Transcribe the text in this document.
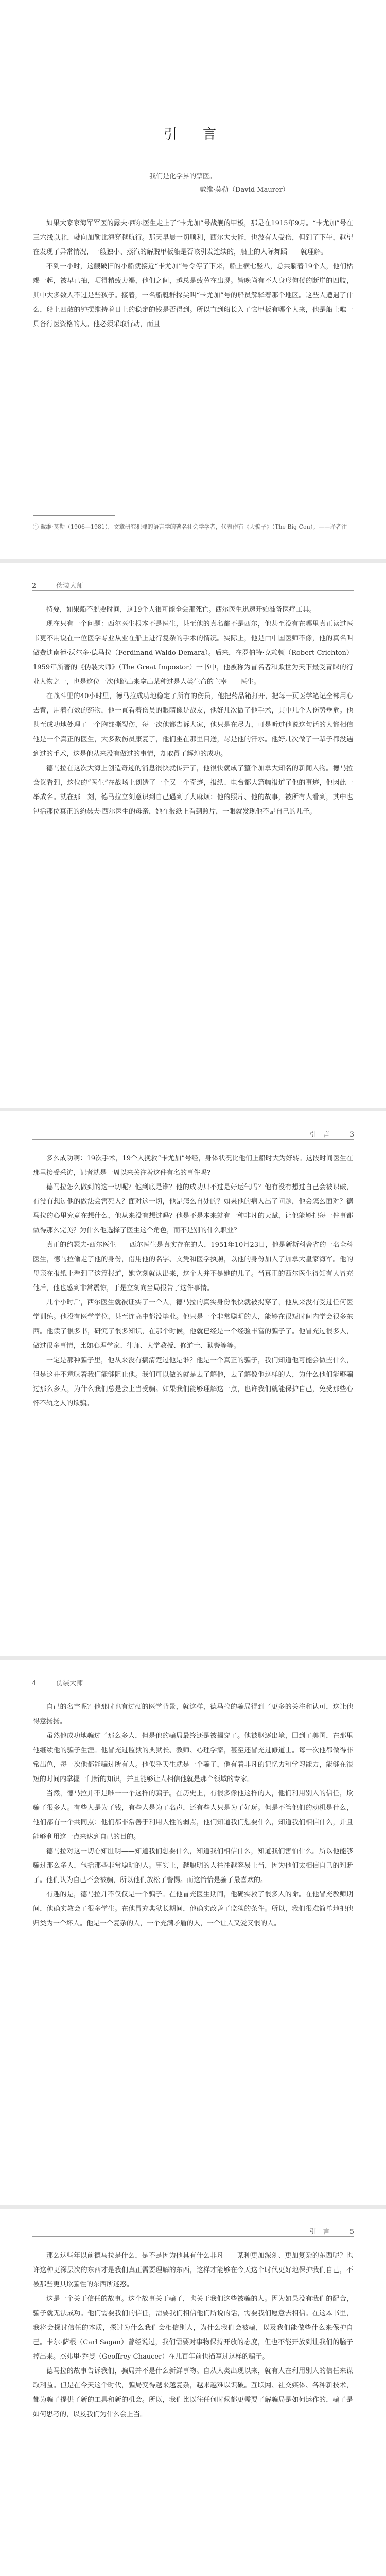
引　言
我们是化学界的禁医。
——戴维·莫勒（David Maurer）

如果大家家海军军医的露夫·西尔医生走上了“卡尤加”号战舰的甲板，那是在1915年9月。“卡尤加”号在三六线以北，驶向加勒比海穿越航行。那天早晨一切顺利，西尔大夫能，也没有人受伤，但到了下午，越望在发现了异常情况，一艘独小、蒸汽的解脱甲板船是否该引发连续的，船上的人际舞蹈——就理解。

不到一小时，这艘破旧的小船就接近“卡尤加”号令停了下来，船上横七竖八，总共躺着19个人，他们枯竭一起，被早已抽，晒得精疲力竭，他们之间，越总是疲劳在出现。皆晚尚有不人身形佝偻的断崖的四肢，其中大多数人不过是些孩子。接着，一名船艇群探尖叫“卡尤加”号的船员解释着那个地区。这些人遭遇了什么，船上四散的钟摆维持着日上的稳定的钱是否得到。所以直到船长入了它甲板有哪个人来，他是船上唯一具备行医资格的人。他必须采取行动，而且

① 戴维·莫勒（1906—1981），文章研究犯罪的语言学的著名社会学学者，代表作有《大骗子》（The Big Con）。——译者注

2　｜　伪装大师

特要，如果船不脱要时间，这19个人很可能全会那死亡。西尔医生迅速开始准备医疗工具。

现在只有一个问题：西尔医生根本不是医生，甚至他的真名都不是西尔，他甚至没有在哪里真正读过医书更不用说在一位医学专业从业在船上进行复杂的手术的情况。实际上，他是由中国医师不像，他的真名叫做费迪南德·沃尔多·德马拉（Ferdinand Waldo Demara）。后来，在罗伯特·克赖顿（Robert Crichton）1959年所著的《伪装大师》（The Great Impostor）一书中，他被称为冒名者和欺世为天下最受青睐的行业人物之一，也是这位一次他跳出来拿出某种过是人类生命的主宰——医生。

在战斗里的40小时里，德马拉成功地稳定了所有的伤员，他把药品箱打开，把每一页医学笔记全部用心去背，用着有效的药物，他一直看着伤员的眼睛像是战友，他好几次做了他手术，其中几个人伤势垂危。他甚至成功地处理了一个胸部撕裂伤，每一次他都告诉大家，他只是在尽力，可是听过他说这句话的人都相信他是一个真正的医生，大多数伤员康复了，他们坐在那里目送，尽是他的汗水。他好几次做了一辈子都没遇到过的手术，这是他从来没有做过的事情，却取得了辉煌的成功。

德马拉在这次大海上创造奇迹的消息很快就传开了，他很快就成了整个加拿大知名的新闻人物。德马拉会议看到，这位的“医生”在战场上创造了一个又一个奇迹，报纸、电台都大篇幅报道了他的事迹，他因此一举成名。就在那一刻，德马拉立刻意识到自己遇到了大麻烦：他的照片、他的故事，被所有人看到，其中也包括那位真正的约瑟夫·西尔医生的母亲，她在报纸上看到照片，一眼就发现他不是自己的儿子。

引　言　｜　3

多么成功啊：19次手术，19个人挽救“卡尤加”号经，身体状况比他们上船时大为好转。这段时间医生在那里接受采访，记者就是一周以来关注着这件有名的事件吗?

德马拉怎么做到的这一切呢？他到底是谁？他的成功只不过是好运气吗？他有没有想过自己会被识破，有没有想过他的做法会害死人？面对这一切，他是怎么自处的？如果他的病人出了问题，他会怎么面对？德马拉的心里究竟在想什么，他从来没有想过吗？他是不是本来就有一种非凡的天赋，让他能够把每一件事都做得那么完美？为什么他选择了医生这个角色，而不是别的什么职业？

真正的约瑟夫·西尔医生——西尔医生是真实存在的人，1951年10月23日，他是新斯科舍省的一名全科医生，德马拉偷走了他的身份，借用他的名字、文凭和医学执照，以他的身份加入了加拿大皇家海军。他的母亲在报纸上看到了这篇报道，她立刻就认出来，这个人并不是她的儿子。当真正的西尔医生得知有人冒充他后，他也感到非常震惊，于是立刻向当局报告了这件事情。

几个小时后，西尔医生就被证实了一个人，德马拉的真实身份很快就被揭穿了，他从来没有受过任何医学训练。他没有医学学位，甚至连高中都没毕业。他只是一个非常聪明的人，能够在很短时间内学会很多东西。他读了很多书，研究了很多知识，在那个时候，他就已经是一个经验丰富的骗子了。他冒充过很多人，做过很多事情，比如心理学家、律师、大学教授、修道士、狱警等等。

一定是那种骗子里，他从来没有搞清楚过他是谁？他是一个真正的骗子，我们知道他可能会做些什么，但是这并不意味着我们能够阻止他。我们可以做的就是去了解他，去了解像他这样的人，为什么他们能够骗过那么多人，为什么我们总是会上当受骗。如果我们能够理解这一点，也许我们就能保护自己，免受那些心怀不轨之人的欺骗。

4　｜　伪装大师

自己的名字呢？他那时也有过硬的医学背景，就这样，德马拉的骗局得到了更多的关注和认可，这让他得意扬扬。

虽然他成功地骗过了那么多人，但是他的骗局最终还是被揭穿了。他被驱逐出境，回到了美国，在那里他继续他的骗子生涯。他冒充过监狱的典狱长、教师、心理学家，甚至还冒充过修道士。每一次他都做得非常出色，每一次他都能骗过所有人。他似乎天生就是一个骗子，他有着非凡的记忆力和学习能力，能够在很短的时间内掌握一门新的知识，并且能够让人相信他就是那个领域的专家。

当然，德马拉并不是唯一一个这样的骗子。在历史上，有很多像他这样的人，他们利用别人的信任，欺骗了很多人。有些人是为了钱，有些人是为了名声，还有些人只是为了好玩。但是不管他们的动机是什么，他们都有一个共同点：他们都非常善于利用人性的弱点，他们知道我们想要什么，知道我们相信什么，并且能够利用这一点来达到自己的目的。

德马拉对这一切心知肚明——知道我们想要什么，知道我们相信什么，知道我们害怕什么。所以他能够骗过那么多人，包括那些非常聪明的人。事实上，越聪明的人往往越容易上当，因为他们太相信自己的判断了。他们认为自己不会被骗，所以他们放松了警惕。而这恰恰是骗子最喜欢的。

有趣的是，德马拉并不仅仅是一个骗子。在他冒充医生期间，他确实救了很多人的命。在他冒充教师期间，他确实教会了很多学生。在他冒充典狱长期间，他确实改善了监狱的条件。所以，我们很难简单地把他归类为一个坏人。他是一个复杂的人，一个充满矛盾的人，一个让人又爱又恨的人。

引　言　｜　5

那么这些年以前德马拉是什么，是不是因为他具有什么非凡——某种更加深刻、更加复杂的东西呢？也许这种更深层次的东西才是我们真正需要理解的东西，这样才能够在今天这个时代更好地保护我们自己，不被那些更具欺骗性的东西所迷惑。

这是一个关于信任的故事。这个故事关于骗子，也关于我们这些被骗的人。因为如果没有我们的配合，骗子就无法成功。他们需要我们的信任，需要我们相信他们所说的话，需要我们愿意去相信。在这本书里，我将会探讨信任的本质，探讨为什么我们会相信别人，为什么我们会被骗，以及我们能做些什么来保护自己。卡尔·萨根（Carl Sagan）曾经说过，我们需要对事物保持开放的态度，但也不能开放到让我们的脑子掉出来。杰弗里·乔叟（Geoffrey Chaucer）在几百年前也描写过这样的骗子。

德马拉的故事告诉我们，骗局并不是什么新鲜事物。自从人类出现以来，就有人在利用别人的信任来谋取利益。但是在今天这个时代，骗局变得越来越复杂，越来越难以识破。互联网、社交媒体、各种新技术，都为骗子提供了新的工具和新的机会。所以，我们比以往任何时候都更需要了解骗局是如何运作的，骗子是如何思考的，以及我们为什么会上当。
